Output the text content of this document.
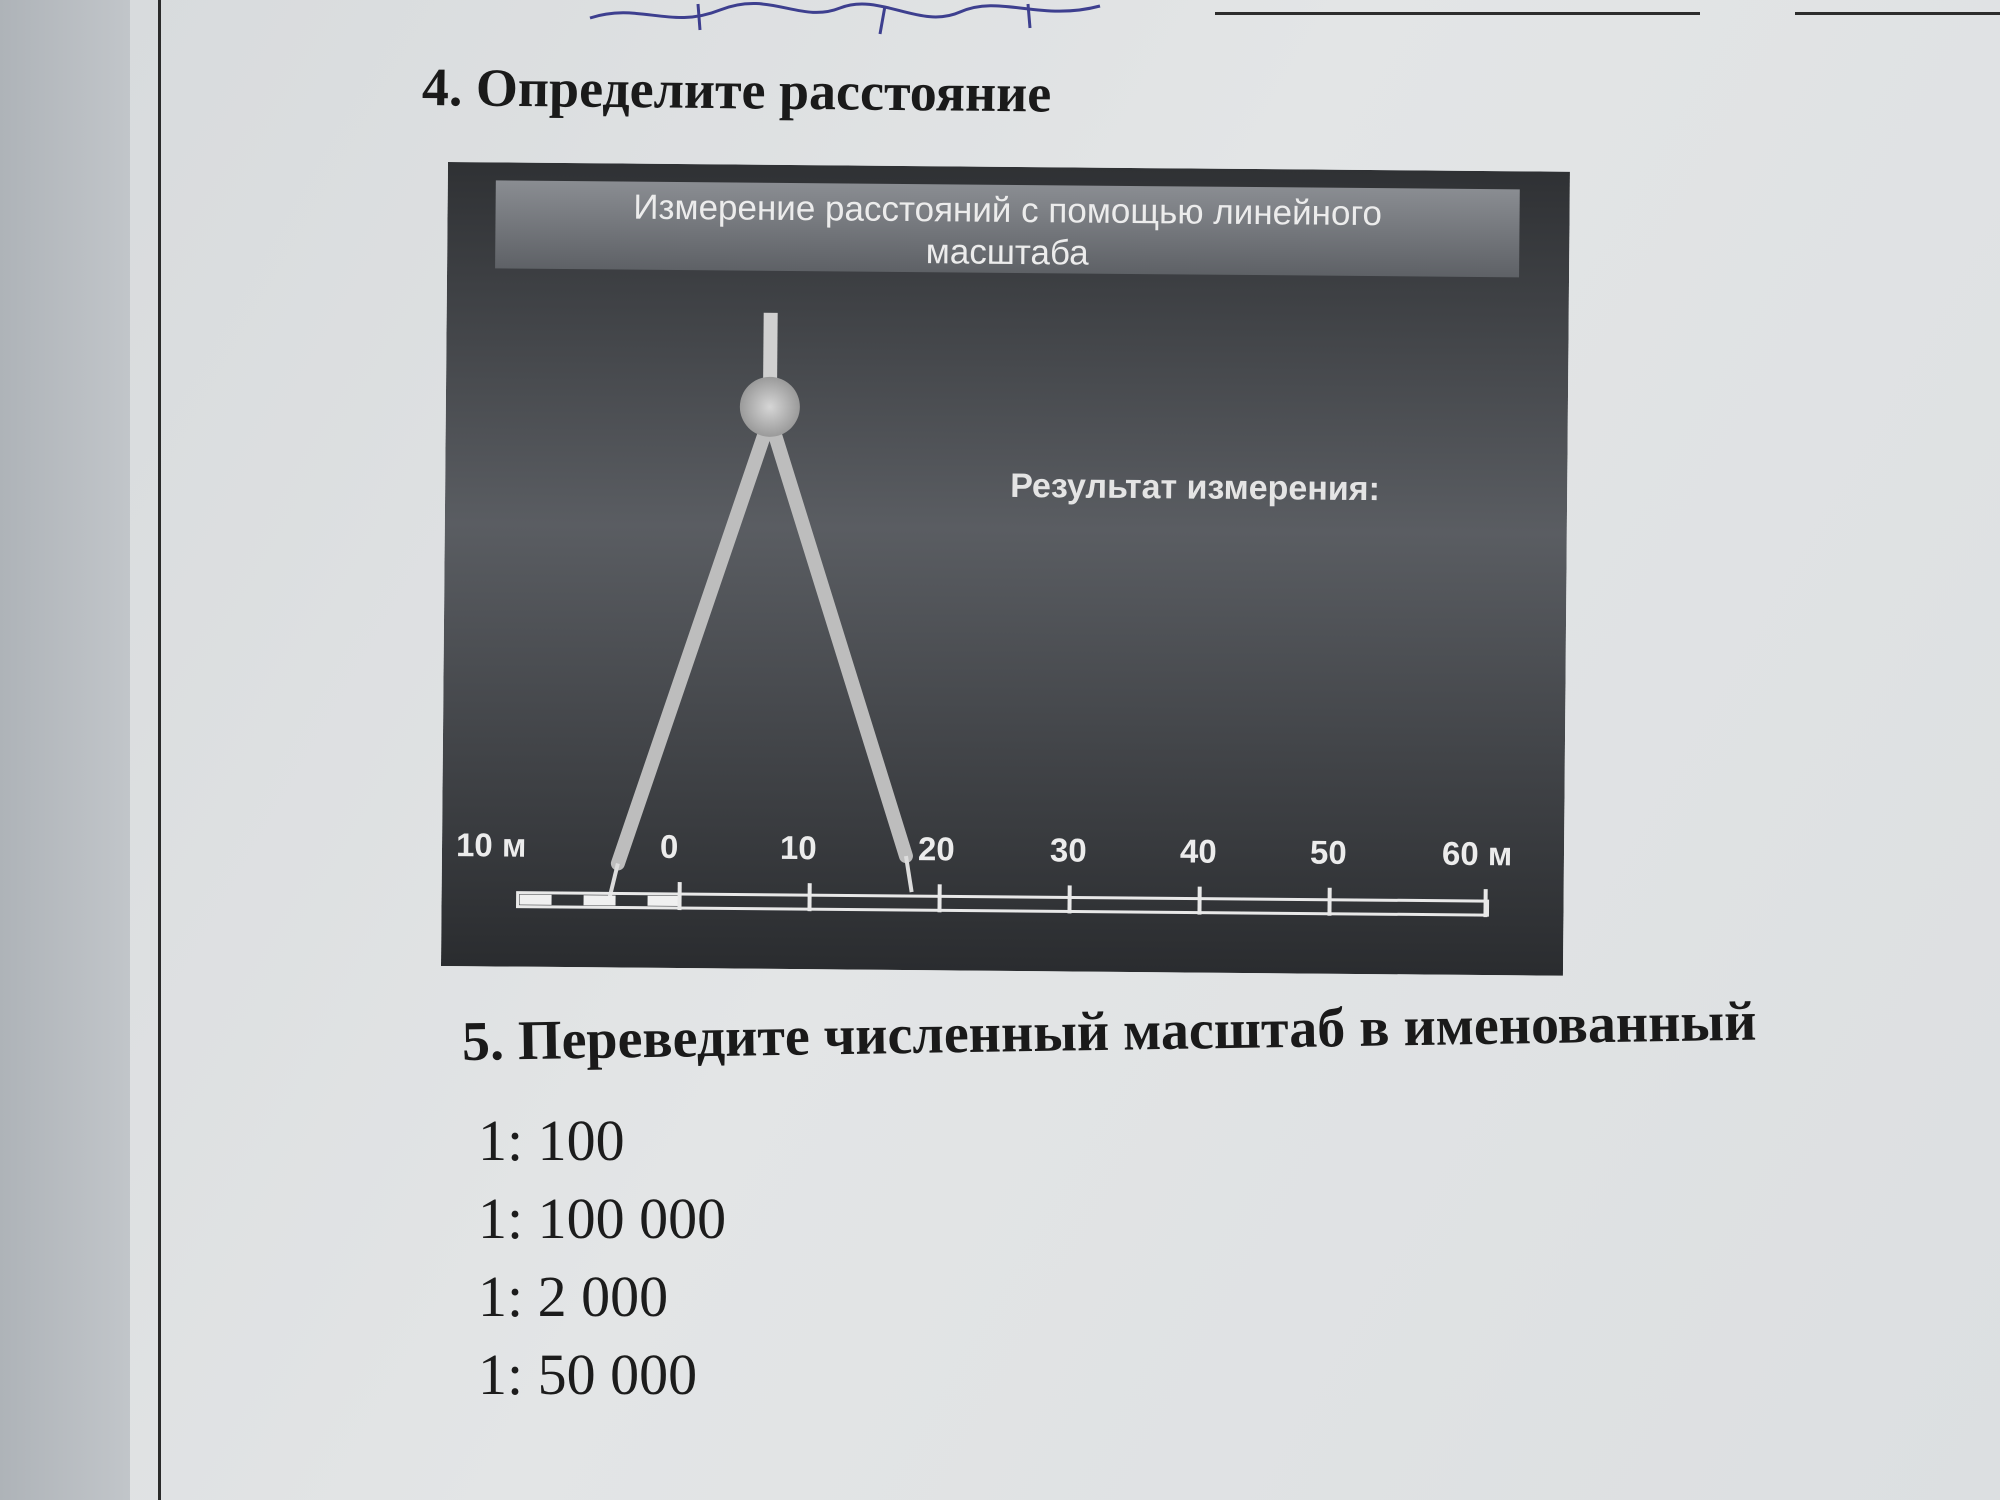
4. Определите расстояние
Измерение расстояний с помощью линейного
масштаба
Результат измерения:
10 м	0	10	20	30	40	50	60 м
5. Переведите численный масштаб в именованный
1: 100
1: 100 000
1: 2 000
1: 50 000
